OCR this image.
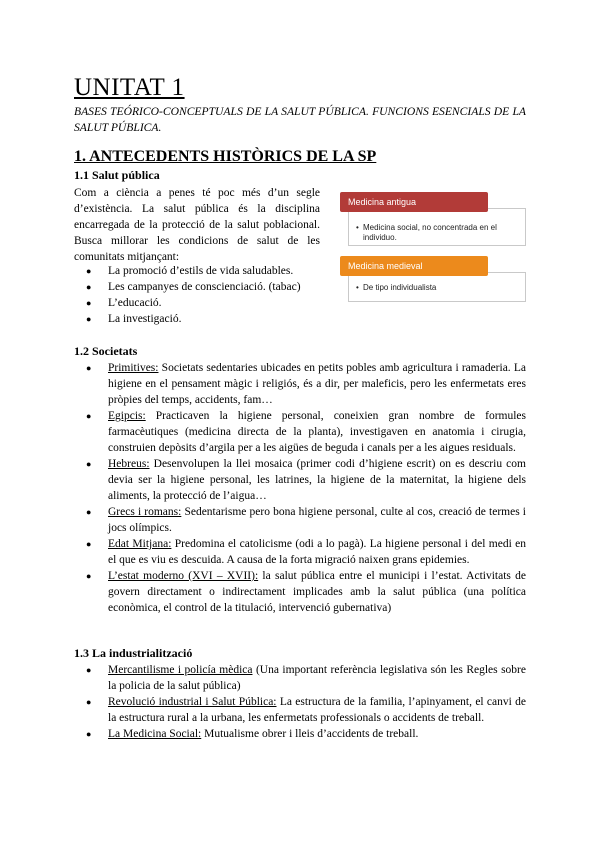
UNITAT 1

BASES TEÓRICO-CONCEPTUALS DE LA SALUT PÚBLICA. FUNCIONS ESENCIALS DE LA SALUT PÚBLICA.

1. ANTECEDENTS HISTÒRICS DE LA SP
1.1 Salut pública

Com a ciència a penes té poc més d’un segle d’existència. La salut pública és la disciplina encarregada de la protecció de la salut poblacional. Busca millorar les condicions de salut de les comunitats mitjançant:

● La promoció d’estils de vida saludables.
● Les campanyes de conscienciació. (tabac)
● L’educació.
● La investigació.
• Medicina social, no concentrada en el individuo.
Medicina antigua
• De tipo individualista
Medicina medieval
1.2 Societats
● Primitives: Societats sedentaries ubicades en petits pobles amb agricultura i ramaderia. La higiene en el pensament màgic i religiós, és a dir, per maleficis, pero les enfermetats eres pròpies del temps, accidents, fam…
● Egipcis: Practicaven la higiene personal, coneixien gran nombre de formules farmacèutiques (medicina directa de la planta), investigaven en anatomia i cirugia, construien depòsits d’argila per a les aigües de beguda i canals per a les aigues residuals.
● Hebreus: Desenvolupen la llei mosaica (primer codi d’higiene escrit) on es descriu com devia ser la higiene personal, les latrines, la higiene de la maternitat, la higiene dels aliments, la protecció de l’aigua…
● Grecs i romans: Sedentarisme pero bona higiene personal, culte al cos, creació de termes i jocs olímpics.
● Edat Mitjana: Predomina el catolicisme (odi a lo pagà). La higiene personal i del medi en el que es viu es descuida. A causa de la forta migració naixen grans epidemies.
● L’estat moderno (XVI – XVII): la salut pública entre el municipi i l’estat. Activitats de govern directament o indirectament implicades amb la salut pública (una política econòmica, el control de la titulació, intervenció gubernativa)
1.3 La industrialització
● Mercantilisme i policía mèdica (Una important referència legislativa són les Regles sobre la policia de la salut pública)
● Revolució industrial i Salut Pública: La estructura de la familia, l’apinyament, el canvi de la estructura rural a la urbana, les enfermetats professionals o accidents de treball.
● La Medicina Social: Mutualisme obrer i lleis d’accidents de treball.
